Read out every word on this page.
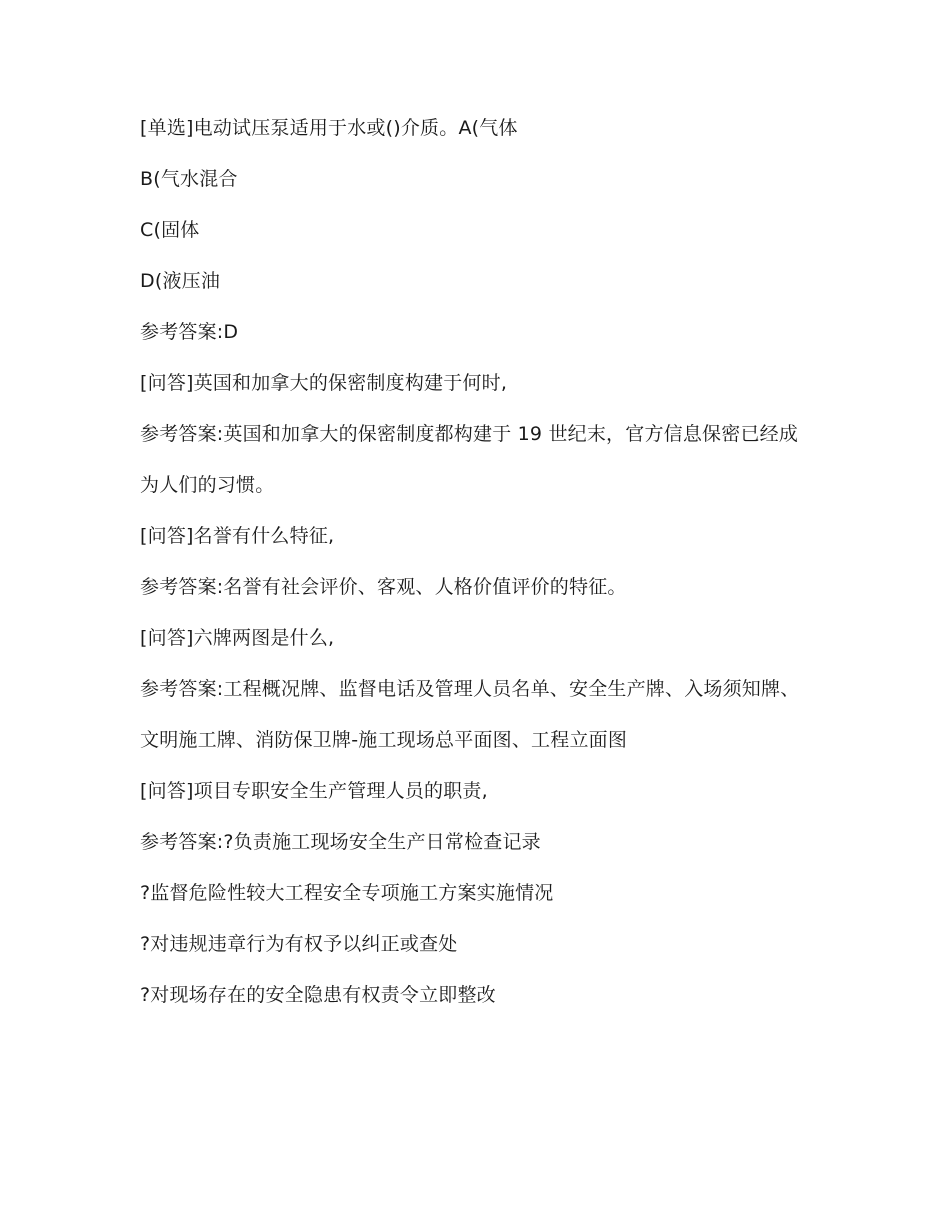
[单选]电动试压泵适用于水或()介质。A(气体

B(气水混合

C(固体

D(液压油

参考答案:D

[问答]英国和加拿大的保密制度构建于何时,

参考答案:英国和加拿大的保密制度都构建于 19 世纪末，官方信息保密已经成

为人们的习惯。

[问答]名誉有什么特征,

参考答案:名誉有社会评价、客观、人格价值评价的特征。

[问答]六牌两图是什么,

参考答案:工程概况牌、监督电话及管理人员名单、安全生产牌、入场须知牌、

文明施工牌、消防保卫牌-施工现场总平面图、工程立面图

[问答]项目专职安全生产管理人员的职责,

参考答案:?负责施工现场安全生产日常检查记录

?监督危险性较大工程安全专项施工方案实施情况

?对违规违章行为有权予以纠正或查处

?对现场存在的安全隐患有权责令立即整改
